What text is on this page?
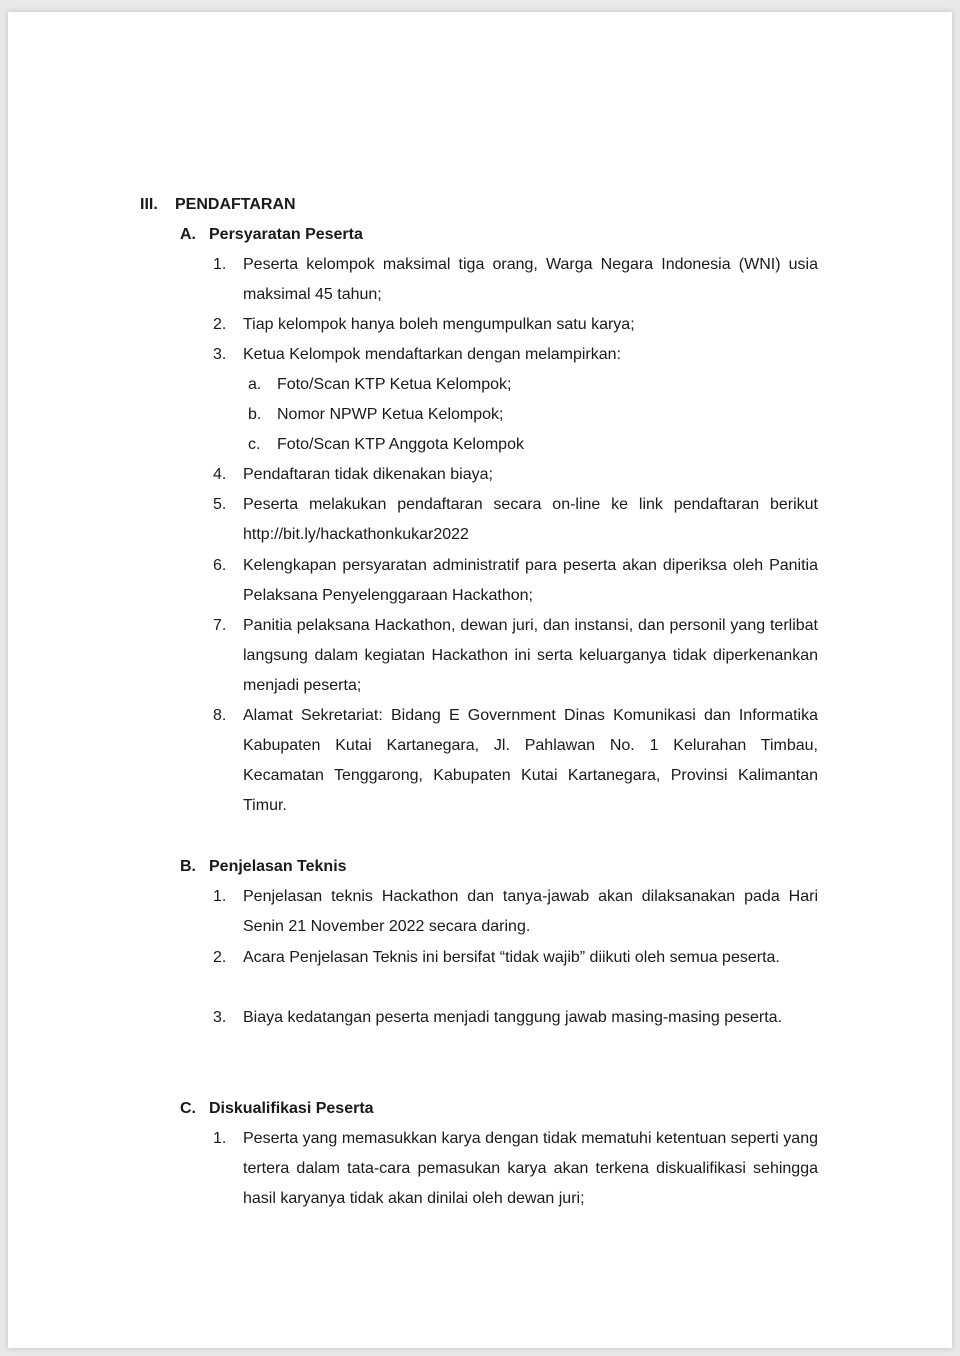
III.	PENDAFTARAN
A. Persyaratan Peserta
1.	Peserta kelompok maksimal tiga orang, Warga Negara Indonesia (WNI) usia maksimal 45 tahun;
2.	Tiap kelompok hanya boleh mengumpulkan satu karya;
3.	Ketua Kelompok mendaftarkan dengan melampirkan:
a. Foto/Scan KTP Ketua Kelompok;
b. Nomor NPWP Ketua Kelompok;
c.	Foto/Scan KTP Anggota Kelompok
4.	Pendaftaran tidak dikenakan biaya;
5.	Peserta melakukan pendaftaran secara on-line ke link pendaftaran berikut http://bit.ly/hackathonkukar2022
6.	Kelengkapan persyaratan administratif para peserta akan diperiksa oleh Panitia Pelaksana Penyelenggaraan Hackathon;
7.	Panitia pelaksana Hackathon, dewan juri, dan instansi, dan personil yang terlibat langsung dalam kegiatan Hackathon ini serta keluarganya tidak diperkenankan menjadi peserta;
8.	Alamat Sekretariat: Bidang E Government Dinas Komunikasi dan Informatika Kabupaten Kutai Kartanegara, Jl. Pahlawan No. 1 Kelurahan Timbau, Kecamatan Tenggarong, Kabupaten Kutai Kartanegara, Provinsi Kalimantan Timur.
B. Penjelasan Teknis
1.	Penjelasan teknis Hackathon dan tanya-jawab akan dilaksanakan pada Hari Senin 21 November 2022 secara daring.
2.	Acara Penjelasan Teknis ini bersifat “tidak wajib” diikuti oleh semua peserta.
3.	Biaya kedatangan peserta menjadi tanggung jawab masing-masing peserta.
C. Diskualifikasi Peserta
1.	Peserta yang memasukkan karya dengan tidak mematuhi ketentuan seperti yang tertera dalam tata-cara pemasukan karya akan terkena diskualifikasi sehingga hasil karyanya tidak akan dinilai oleh dewan juri;
